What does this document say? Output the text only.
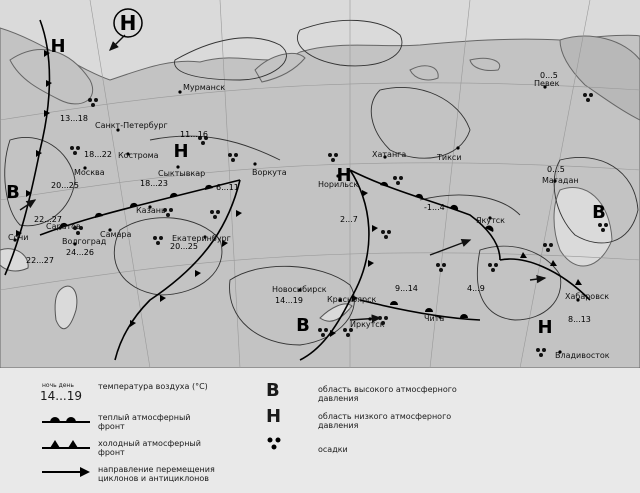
Н
Н
В
Н
Н
В
В	Н
Мурманск
Санкт-Петербург
Кострома
Сыктывкар	Воркута
Москва
Казань
Саратов
Самара
Волгоград
Сочи	Екатеринбург
Норильск
Хатанга	Тикси
Певек
Магадан
Якутск
Новосибирск
Красноярск
Иркутск
Чита
Хабаровск
Владивосток
13...18
11...16
18...22
18...23	6...11
20...25
22...27
22...27
24...26
20...25
2...7
-1...4
0...5
0...5
14...19
9...14	4...9
8...13
ночь день
14...19
температура воздуха (°С)
теплый атмосферный фронт
холодный атмосферный фронт
направление перемещения циклонов и антициклонов
В	область высокого атмосферного давления
Н	область низкого атмосферного давления
осадки
